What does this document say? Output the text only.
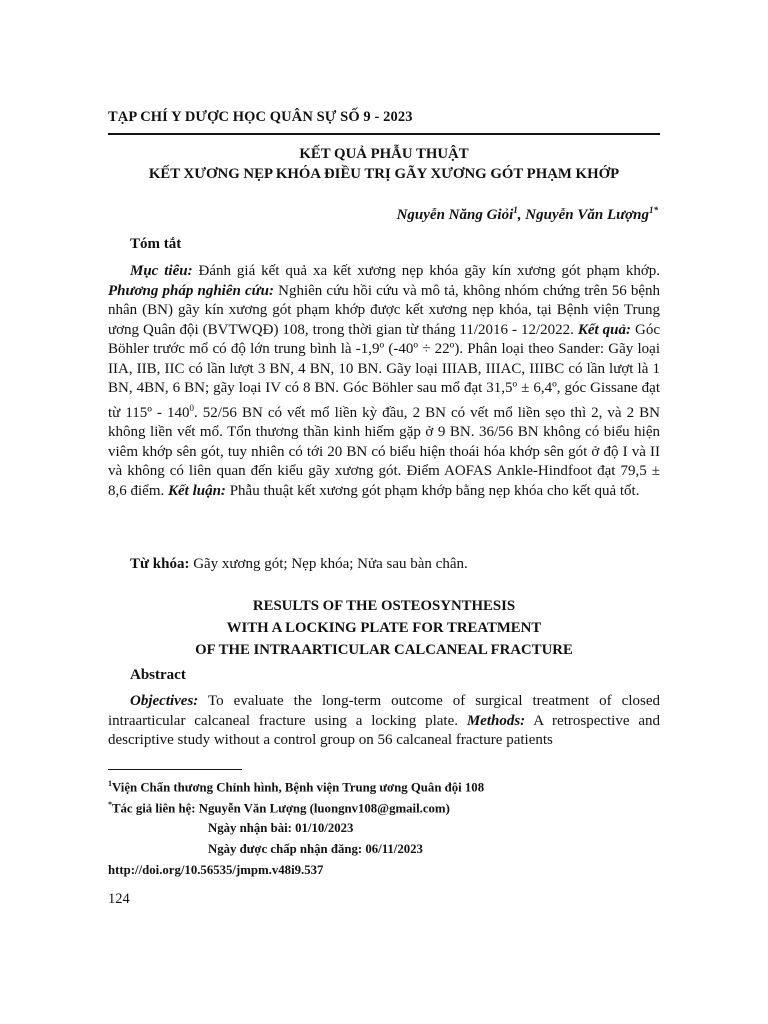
TẠP CHÍ Y DƯỢC HỌC QUÂN SỰ SỐ 9 - 2023
KẾT QUẢ PHẪU THUẬT
KẾT XƯƠNG NẸP KHÓA ĐIỀU TRỊ GÃY XƯƠNG GÓT PHẠM KHỚP
Nguyễn Năng Giỏi$^1$, Nguyễn Văn Lượng$^{1*}$
Tóm tắt

Mục tiêu: Đánh giá kết quả xa kết xương nẹp khóa gãy kín xương gót phạm khớp. Phương pháp nghiên cứu: Nghiên cứu hồi cứu và mô tả, không nhóm chứng trên 56 bệnh nhân (BN) gãy kín xương gót phạm khớp được kết xương nẹp khóa, tại Bệnh viện Trung ương Quân đội (BVTWQĐ) 108, trong thời gian từ tháng 11/2016 - 12/2022. Kết quả: Góc Böhler trước mổ có độ lớn trung bình là -1,9º (-40º ÷ 22º). Phân loại theo Sander: Gãy loại IIA, IIB, IIC có lần lượt 3 BN, 4 BN, 10 BN. Gãy loại IIIAB, IIIAC, IIIBC có lần lượt là 1 BN, 4BN, 6 BN; gãy loại IV có 8 BN. Góc Böhler sau mổ đạt 31,5º ± 6,4º, góc Gissane đạt từ 115º - $140^0$. 52/56 BN có vết mổ liền kỳ đầu, 2 BN có vết mổ liền sẹo thì 2, và 2 BN không liền vết mổ. Tổn thương thần kinh hiếm gặp ở 9 BN. 36/56 BN không có biểu hiện viêm khớp sên gót, tuy nhiên có tới 20 BN có biểu hiện thoái hóa khớp sên gót ở độ I và II và không có liên quan đến kiểu gãy xương gót. Điểm AOFAS Ankle-Hindfoot đạt 79,5 ± 8,6 điểm. Kết luận: Phẫu thuật kết xương gót phạm khớp bằng nẹp khóa cho kết quả tốt.

Từ khóa: Gãy xương gót; Nẹp khóa; Nửa sau bàn chân.
RESULTS OF THE OSTEOSYNTHESIS
WITH A LOCKING PLATE FOR TREATMENT
OF THE INTRAARTICULAR CALCANEAL FRACTURE
Abstract

Objectives: To evaluate the long-term outcome of surgical treatment of closed intraarticular calcaneal fracture using a locking plate. Methods: A retrospective and descriptive study without a control group on 56 calcaneal fracture patients

$^1$Viện Chấn thương Chỉnh hình, Bệnh viện Trung ương Quân đội 108
*Tác giả liên hệ: Nguyễn Văn Lượng (luongnv108@gmail.com)
Ngày nhận bài: 01/10/2023
Ngày được chấp nhận đăng: 06/11/2023
http://doi.org/10.56535/jmpm.v48i9.537
124
